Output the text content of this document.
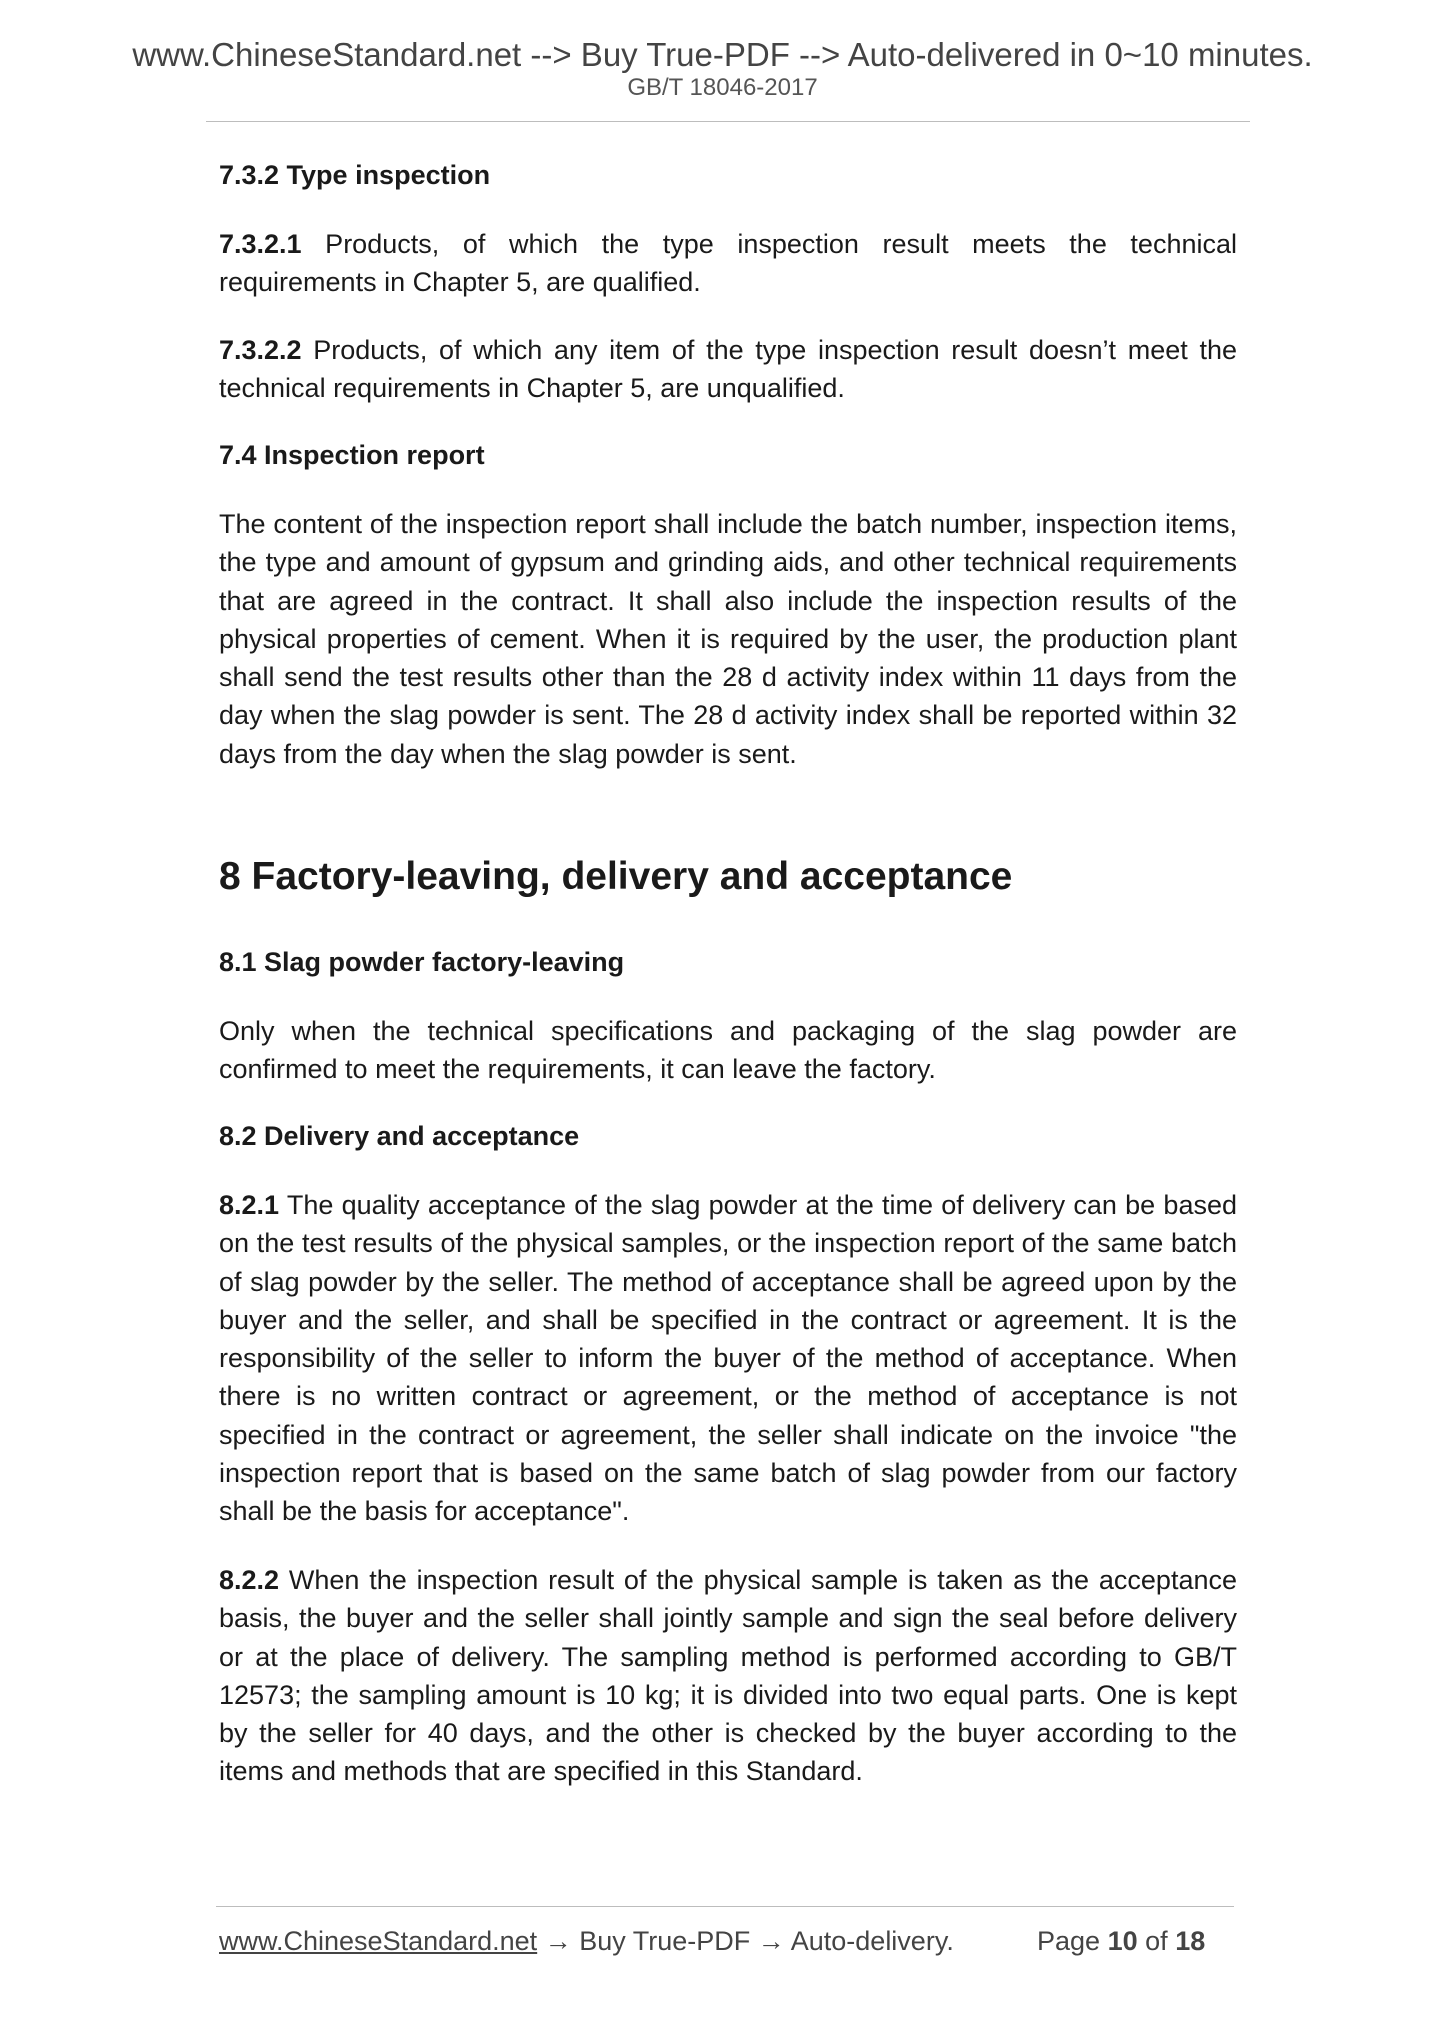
www.ChineseStandard.net --> Buy True-PDF --> Auto-delivered in 0~10 minutes.
GB/T 18046-2017
7.3.2 Type inspection

7.3.2.1 Products, of which the type inspection result meets the technical requirements in Chapter 5, are qualified.

7.3.2.2 Products, of which any item of the type inspection result doesn’t meet the technical requirements in Chapter 5, are unqualified.

7.4 Inspection report

The content of the inspection report shall include the batch number, inspection items, the type and amount of gypsum and grinding aids, and other technical requirements that are agreed in the contract. It shall also include the inspection results of the physical properties of cement. When it is required by the user, the production plant shall send the test results other than the 28 d activity index within 11 days from the day when the slag powder is sent. The 28 d activity index shall be reported within 32 days from the day when the slag powder is sent.

8 Factory-leaving, delivery and acceptance
8.1 Slag powder factory-leaving

Only when the technical specifications and packaging of the slag powder are confirmed to meet the requirements, it can leave the factory.

8.2 Delivery and acceptance

8.2.1 The quality acceptance of the slag powder at the time of delivery can be based on the test results of the physical samples, or the inspection report of the same batch of slag powder by the seller. The method of acceptance shall be agreed upon by the buyer and the seller, and shall be specified in the contract or agreement. It is the responsibility of the seller to inform the buyer of the method of acceptance. When there is no written contract or agreement, or the method of acceptance is not specified in the contract or agreement, the seller shall indicate on the invoice "the inspection report that is based on the same batch of slag powder from our factory shall be the basis for acceptance".

8.2.2 When the inspection result of the physical sample is taken as the acceptance basis, the buyer and the seller shall jointly sample and sign the seal before delivery or at the place of delivery. The sampling method is performed according to GB/T 12573; the sampling amount is 10 kg; it is divided into two equal parts. One is kept by the seller for 40 days, and the other is checked by the buyer according to the items and methods that are specified in this Standard.

www.ChineseStandard.net → Buy True-PDF → Auto-delivery.	Page 10 of 18
